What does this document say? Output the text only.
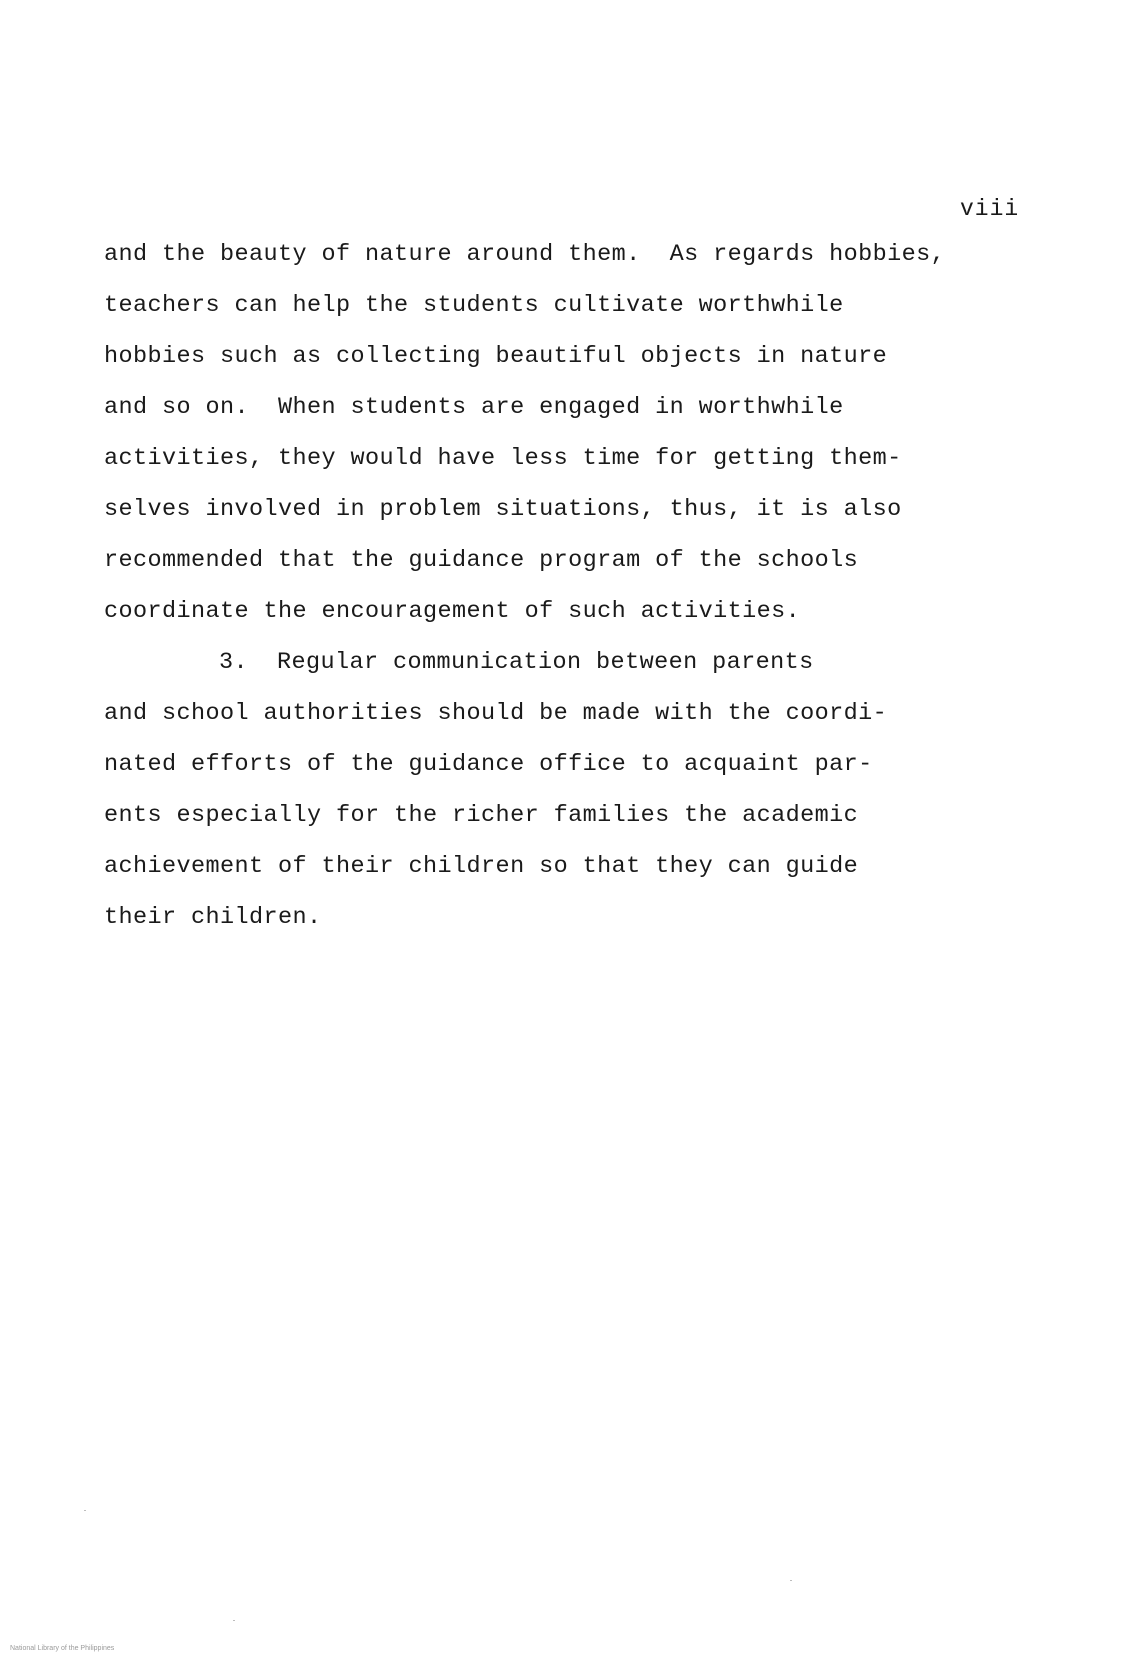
viii
and the beauty of nature around them.  As regards hobbies,
teachers can help the students cultivate worthwhile
hobbies such as collecting beautiful objects in nature
and so on.  When students are engaged in worthwhile
activities, they would have less time for getting them-
selves involved in problem situations, thus, it is also
recommended that the guidance program of the schools
coordinate the encouragement of such activities.
3.  Regular communication between parents
and school authorities should be made with the coordi-
nated efforts of the guidance office to acquaint par-
ents especially for the richer families the academic
achievement of their children so that they can guide
their children.
National Library of the Philippines
